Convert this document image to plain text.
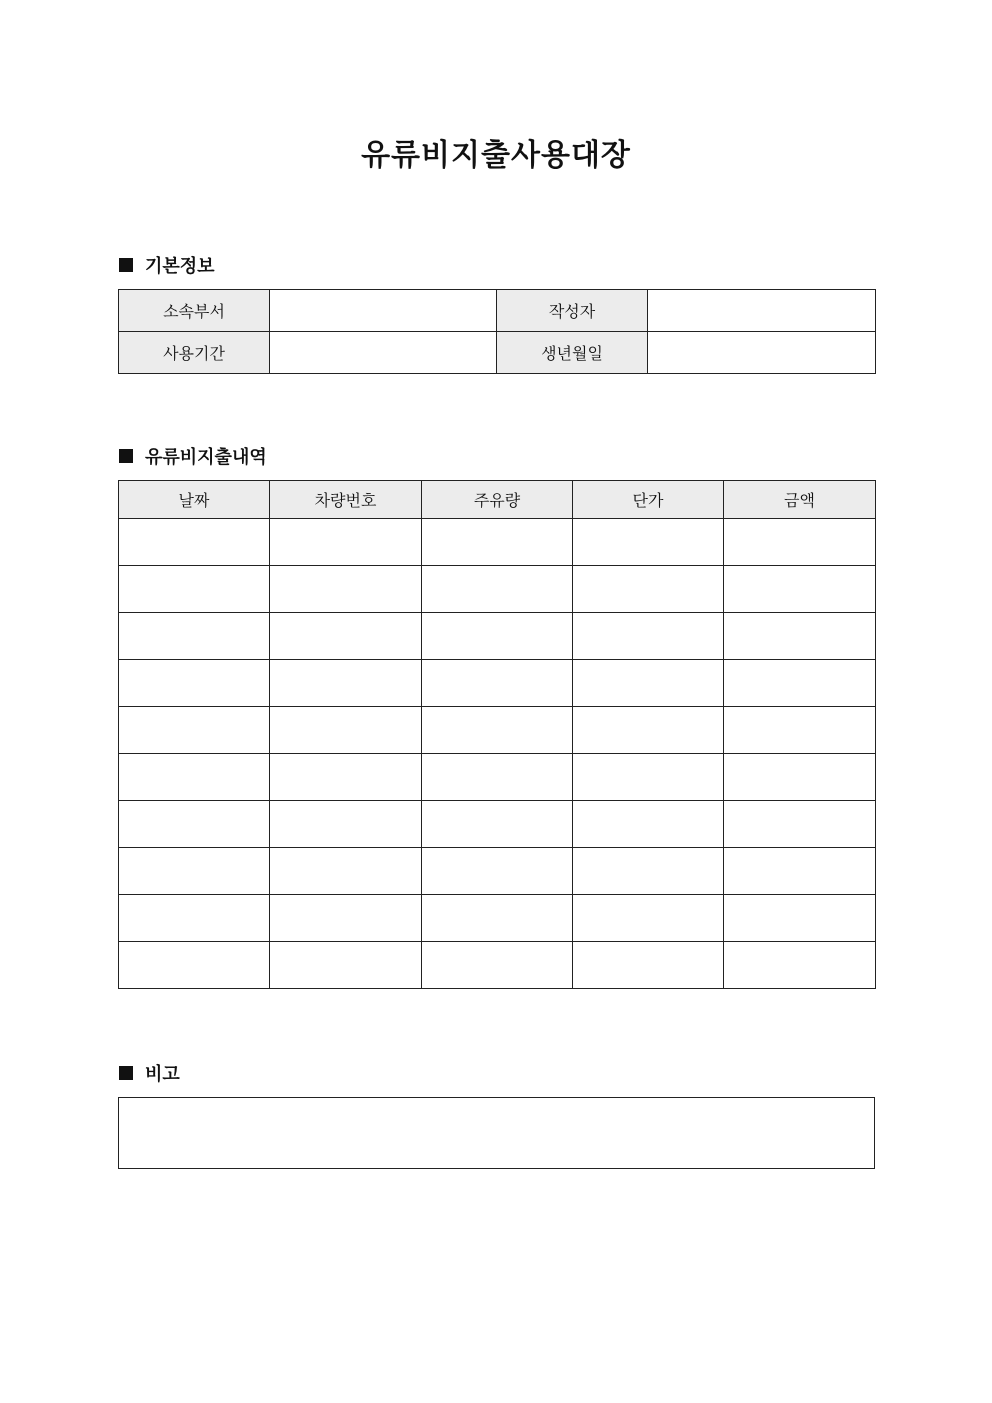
유류비지출사용대장
기본정보
소속부서		작성자	
사용기간		생년월일	
유류비지출내역
날짜	차량번호	주유량	단가	금액

비고
